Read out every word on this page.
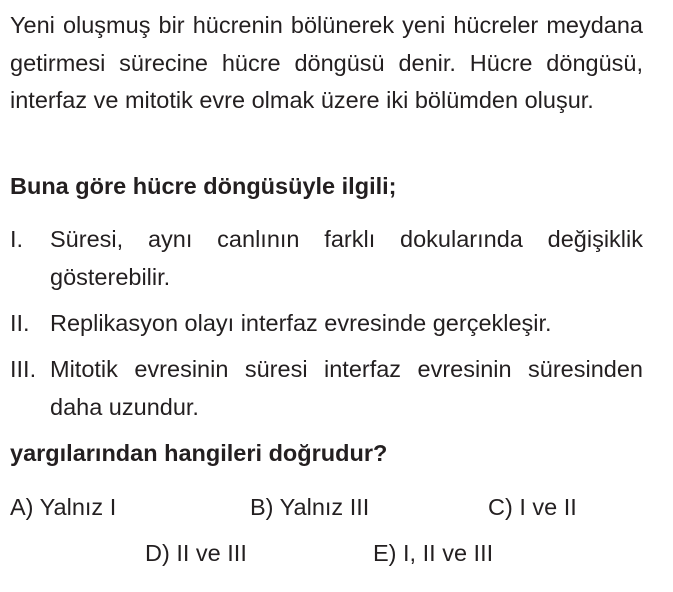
Yeni oluşmuş bir hücrenin bölünerek yeni hücreler meydana getirmesi sürecine hücre döngüsü denir. Hücre döngüsü, interfaz ve mitotik evre olmak üzere iki bölümden oluşur.

Buna göre hücre döngüsüyle ilgili;

I. Süresi, aynı canlının farklı dokularında değişiklik gösterebilir.
II. Replikasyon olayı interfaz evresinde gerçekleşir.
III. Mitotik evresinin süresi interfaz evresinin süresinden daha uzundur.

yargılarından hangileri doğrudur?

A) Yalnız I	B) Yalnız III	C) I ve II
D) II ve III	E) I, II ve III
